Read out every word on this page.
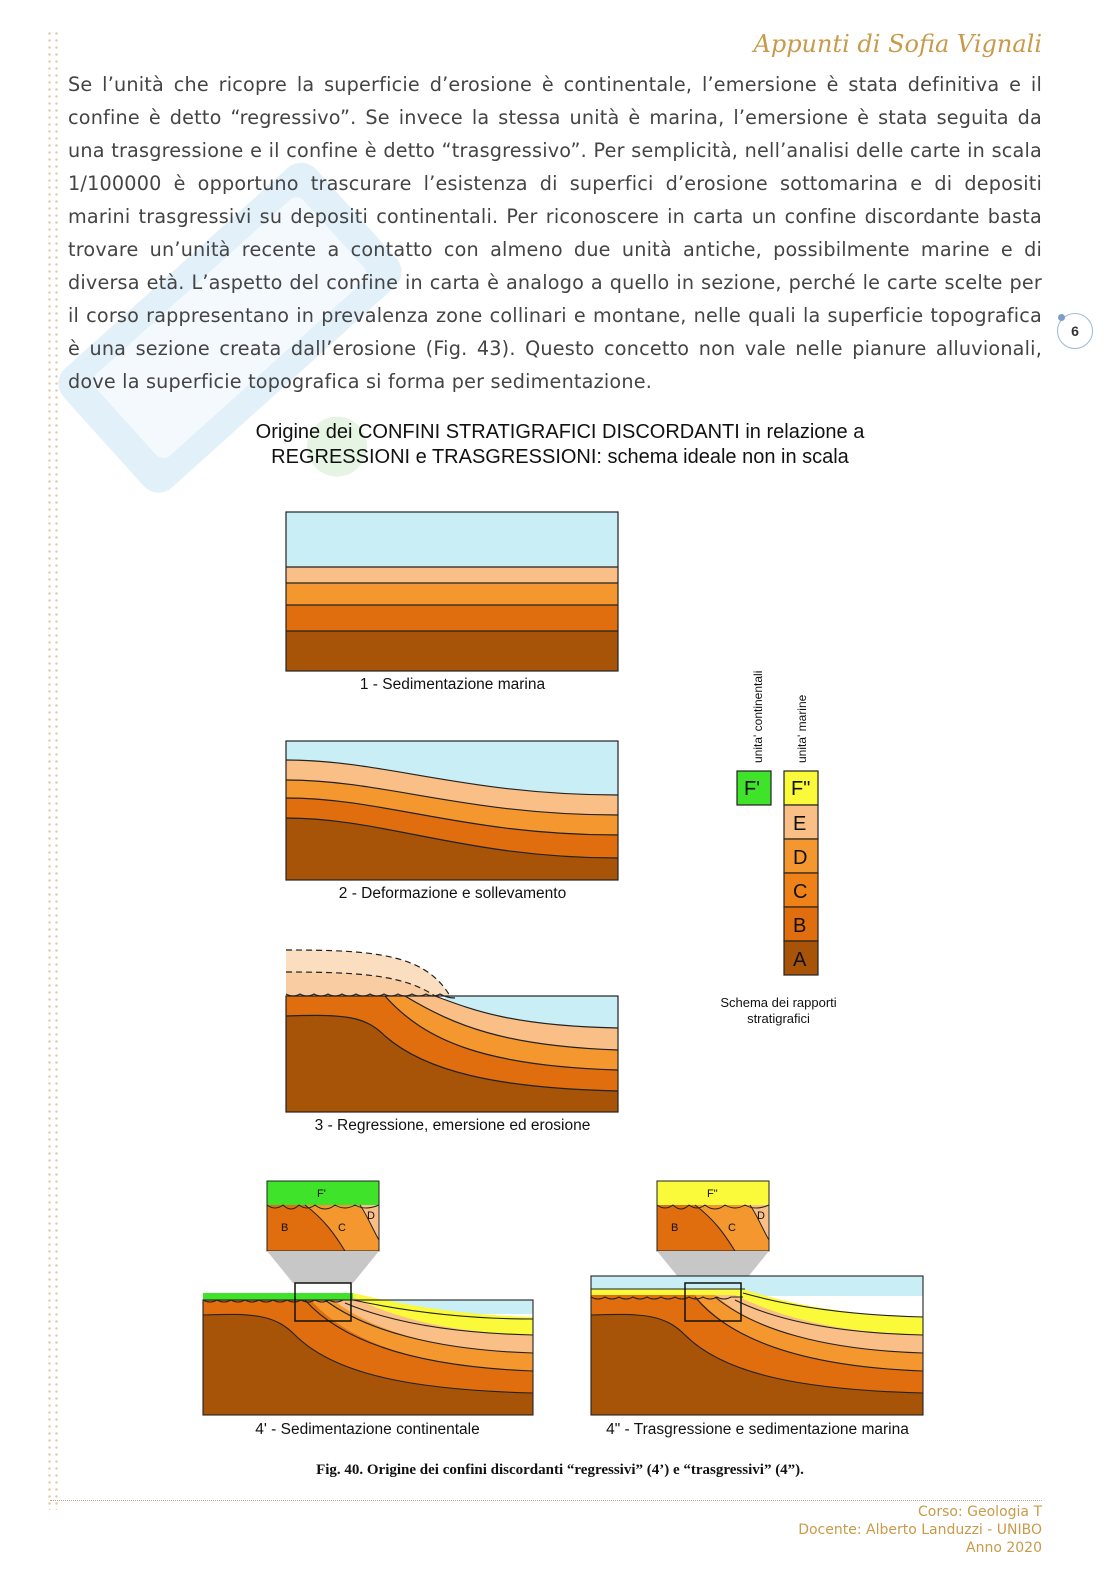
Appunti di Sofia Vignali
Se l’unità che ricopre la superficie d’erosione è continentale, l’emersione è stata definitiva e il confine è detto “regressivo”. Se invece la stessa unità è marina, l’emersione è stata seguita da una trasgressione e il confine è detto “trasgressivo”. Per semplicità, nell’analisi delle carte in scala 1/100000 è opportuno trascurare l’esistenza di superfici d’erosione sottomarina e di depositi marini trasgressivi su depositi continentali. Per riconoscere in carta un confine discordante basta trovare un’unità recente a contatto con almeno due unità antiche, possibilmente marine e di diversa età. L’aspetto del confine in carta è analogo a quello in sezione, perché le carte scelte per il corso rappresentano in prevalenza zone collinari e montane, nelle quali la superficie topografica è una sezione creata dall’erosione (Fig. 43). Questo concetto non vale nelle pianure alluvionali, dove la superficie topografica si forma per sedimentazione.
6
Origine dei CONFINI STRATIGRAFICI DISCORDANTI in relazione a
REGRESSIONI e TRASGRESSIONI: schema ideale non in scala
1 - Sedimentazione marina
2 - Deformazione e sollevamento
3 - Regressione, emersione ed erosione
unita' continentali	unita' marine
F' F"
E
D
C
B
A
Schema dei rapporti
stratigrafici
F'
B	C
D
4' - Sedimentazione continentale
F"
B	C
D
4" - Trasgressione e sedimentazione marina
Fig. 40. Origine dei confini discordanti “regressivi” (4’) e “trasgressivi” (4”).
Corso: Geologia T
Docente: Alberto Landuzzi - UNIBO
Anno 2020
